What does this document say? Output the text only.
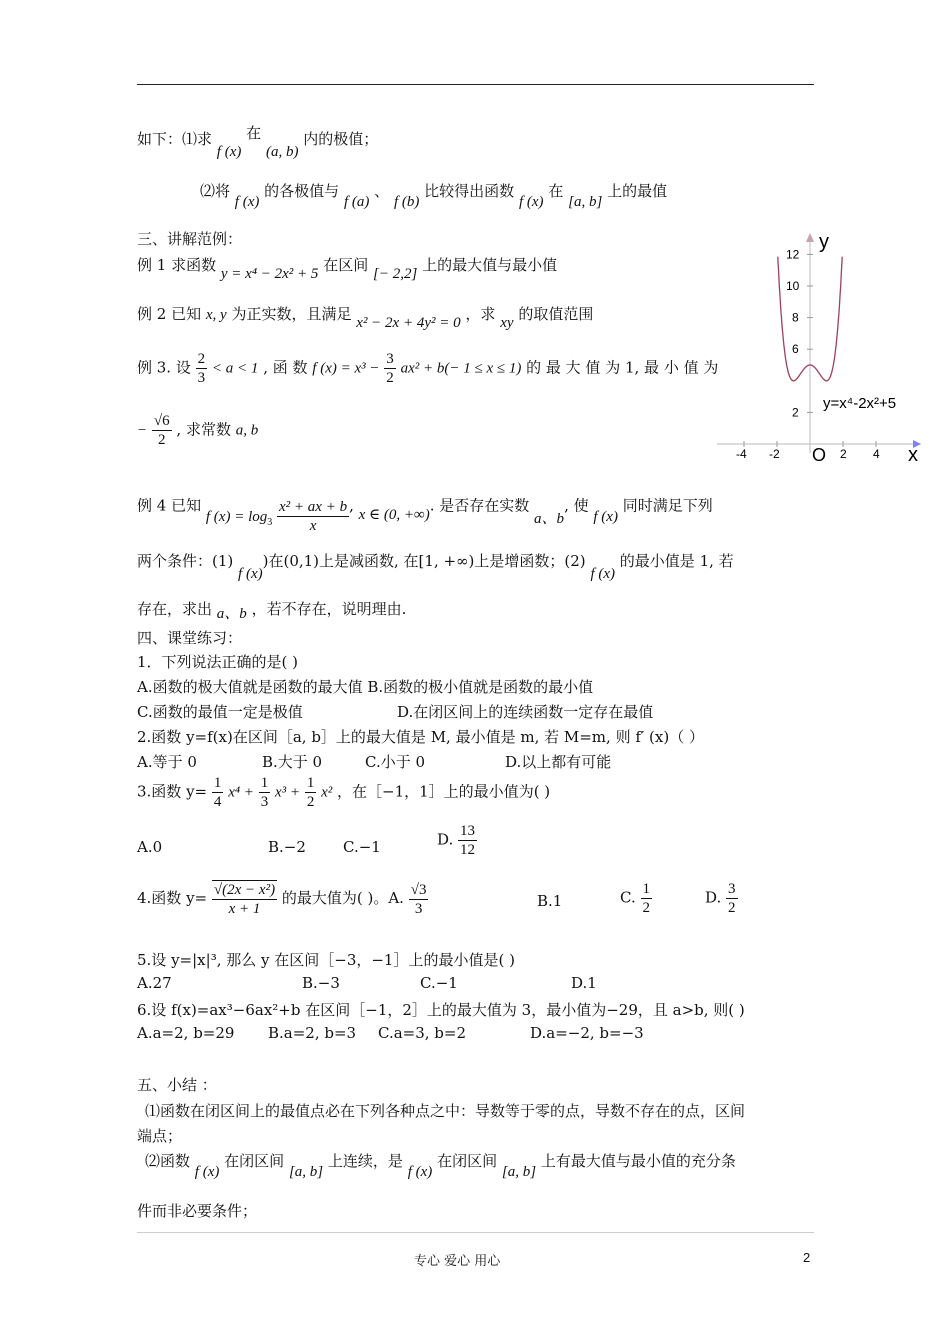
如下：⑴求 f (x) 在 (a, b) 内的极值；
⑵将 f (x) 的各极值与 f (a) 、 f (b) 比较得出函数 f (x) 在 [a, b] 上的最值
三、讲解范例：
例 1 求函数 y = x⁴ − 2x² + 5 在区间 [− 2,2] 上的最大值与最小值
例 2 已知 x, y 为正实数，且满足 x² − 2x + 4y² = 0 ，求 xy 的取值范围
例 3. 设 $\frac{2}{3} < a < 1$ , 函 数 f $(x) = x^3 - \frac{3}{2} ax^2 + b(- 1 \le x \le 1)$ 的 最 大 值 为 1, 最 小 值 为
− $\frac{√6}{2}$ , 求常数 a, b
例 4 已知 f $(x) = \log_3 \frac{\text{x² + ax + b}}{x}$ , x ∈ (0, +∞). 是否存在实数 a、b, 使 f (x) 同时满足下列
两个条件：(1) f (x))在(0,1)上是减函数, 在[1, +∞)上是增函数；(2) f (x) 的最小值是 1, 若
存在，求出 a、b ，若不存在，说明理由.
12
10
8
6
2
-4 -2	2 4
y
x
O
y=x⁴-2x²+5
四、课堂练习：
1．下列说法正确的是( )
A.函数的极大值就是函数的最大值 B.函数的极小值就是函数的最小值
C.函数的最值一定是极值	D.在闭区间上的连续函数一定存在最值
2.函数 y=f(x)在区间［a, b］上的最大值是 M, 最小值是 m, 若 M=m, 则 f′ (x)（ ）
A.等于 0	B.大于 0	C.小于 0	D.以上都有可能
3.函数 $y= \frac{1}{4} x^4 + \frac{1}{3} x^3 + \frac{1}{2} x^2$ ，在［−1，1］上的最小值为( )
A.0	B.−2 C.−1	D. $\frac{13}{12}$
4.函数 $y= \frac{\text{√(2x − x²)}}{x + 1}$ 的最大值为( )。A. $\frac{√3}{3}$	B.1	C. $\frac{1}{2}$	D. $\frac{3}{2}$
5.设 y=|x|³, 那么 y 在区间［−3，−1］上的最小值是( )
A.27	B.−3	C.−1	D.1
6.设 f(x)=ax³−6ax²+b 在区间［−1，2］上的最大值为 3，最小值为−29，且 a>b, 则( )
A.a=2, b=29 B.a=2, b=3 C.a=3, b=2	D.a=−2, b=−3
五、小结 ：
⑴函数在闭区间上的最值点必在下列各种点之中：导数等于零的点，导数不存在的点，区间
端点；
⑵函数 f (x) 在闭区间 [a, b] 上连续，是 f (x) 在闭区间 [a, b] 上有最大值与最小值的充分条
件而非必要条件；
专心 爱心 用心	2
